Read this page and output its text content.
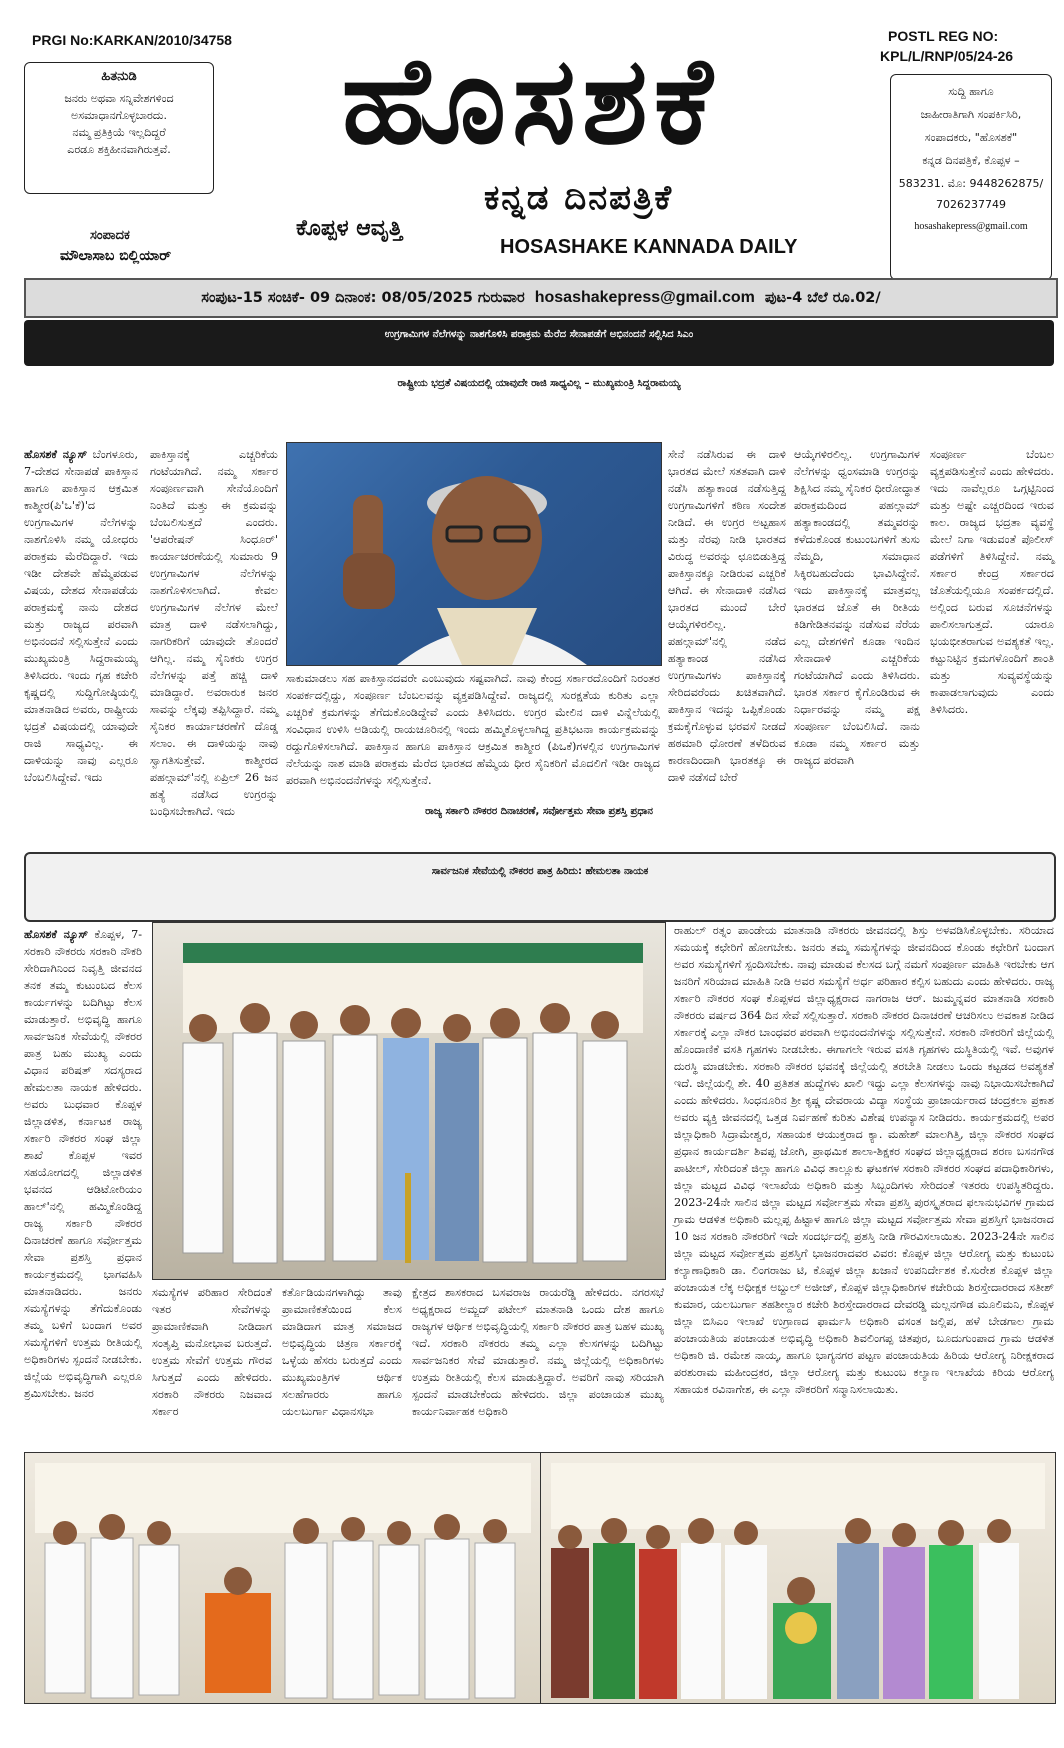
PRGI No:KARKAN/2010/34758
ಹಿತನುಡಿ
ಜನರು ಅಥವಾ ಸನ್ನಿವೇಶಗಳಿಂದ
ಅಸಮಾಧಾನಗೊಳ್ಳಬಾರದು.
ನಮ್ಮ ಪ್ರತಿಕ್ರಿಯೆ ಇಲ್ಲದಿದ್ದರೆ
ಎರಡೂ ಶಕ್ತಿಹೀನವಾಗಿರುತ್ತವೆ.
ಸಂಪಾದಕ
ಮೌಲಾಸಾಬ ಬಿಲ್ಲಿಯಾರ್
ಹೊಸಶಕೆ
ಕೊಪ್ಪಳ ಆವೃತ್ತಿ
ಕನ್ನಡ ದಿನಪತ್ರಿಕೆ
HOSASHAKE KANNADA DAILY
POSTL REG NO:
KPL/L/RNP/05/24-26
ಸುದ್ದಿ ಹಾಗೂ
ಜಾಹೀರಾತಿಗಾಗಿ ಸಂಪರ್ಕಿಸಿರಿ,
ಸಂಪಾದಕರು, "ಹೊಸಶಕೆ"
ಕನ್ನಡ ದಿನಪತ್ರಿಕೆ, ಕೊಪ್ಪಳ –
583231. ಮೊ: 9448262875/
7026237749
hosashakepress@gmail.com
ಸಂಪುಟ-15 ಸಂಚಿಕೆ- 09 ದಿನಾಂಕ: 08/05/2025 ಗುರುವಾರ hosashakepress@gmail.com ಪುಟ-4 ಬೆಲೆ ರೂ.02/
ಉಗ್ರಗಾಮಿಗಳ ನೆಲೆಗಳನ್ನು ನಾಶಗೊಳಿಸಿ ಪರಾಕ್ರಮ ಮೆರೆದ ಸೇನಾಪಡೆಗೆ ಅಭಿನಂದನೆ ಸಲ್ಲಿಸಿದ ಸಿಎಂ
ರಾಷ್ಟ್ರೀಯ ಭದ್ರತೆ ವಿಷಯದಲ್ಲಿ ಯಾವುದೇ ರಾಜಿ ಸಾಧ್ಯವಿಲ್ಲ – ಮುಖ್ಯಮಂತ್ರಿ ಸಿದ್ದರಾಮಯ್ಯ
ಹೊಸಶಕೆ ನ್ಯೂಸ್ ಬೆಂಗಳೂರು, 7-ದೇಶದ ಸೇನಾಪಡೆ ಪಾಕಿಸ್ತಾನ ಹಾಗೂ ಪಾಕಿಸ್ತಾನ ಆಕ್ರಮಿತ ಕಾಶ್ಮೀರ(ಪಿ'ಒ'ಕೆ)'ದ ಉಗ್ರಗಾಮಿಗಳ ನೆಲೆಗಳನ್ನು ನಾಶಗೊಳಿಸಿ ನಮ್ಮ ಯೋಧರು ಪರಾಕ್ರಮ ಮೆರೆದಿದ್ದಾರೆ. ಇದು ಇಡೀ ದೇಶವೇ ಹೆಮ್ಮೆಪಡುವ ವಿಷಯ, ದೇಶದ ಸೇನಾಪಡೆಯ ಪರಾಕ್ರಮಕ್ಕೆ ನಾನು ದೇಶದ ಮತ್ತು ರಾಜ್ಯದ ಪರವಾಗಿ ಅಭಿನಂದನೆ ಸಲ್ಲಿಸುತ್ತೇನೆ ಎಂದು ಮುಖ್ಯಮಂತ್ರಿ ಸಿದ್ದರಾಮಯ್ಯ ತಿಳಿಸಿದರು. ಇಂದು ಗೃಹ ಕಚೇರಿ ಕೃಷ್ಣದಲ್ಲಿ ಸುದ್ದಿಗೋಷ್ಠಿಯಲ್ಲಿ ಮಾತನಾಡಿದ ಅವರು, ರಾಷ್ಟ್ರೀಯ ಭದ್ರತೆ ವಿಷಯದಲ್ಲಿ ಯಾವುದೇ ರಾಜಿ ಸಾಧ್ಯವಿಲ್ಲ. ಈ ದಾಳಿಯನ್ನು ನಾವು ಎಲ್ಲರೂ ಬೆಂಬಲಿಸಿದ್ದೇವೆ. ಇದು
ಪಾಕಿಸ್ತಾನಕ್ಕೆ ಎಚ್ಚರಿಕೆಯ ಗಂಟೆಯಾಗಿದೆ. ನಮ್ಮ ಸರ್ಕಾರ ಸಂಪೂರ್ಣವಾಗಿ ಸೇನೆಯೊಂದಿಗೆ ನಿಂತಿದೆ ಮತ್ತು ಈ ಕ್ರಮವನ್ನು ಬೆಂಬಲಿಸುತ್ತದೆ ಎಂದರು. 'ಆಪರೇಷನ್ ಸಿಂಧೂರ್' ಕಾರ್ಯಾಚರಣೆಯಲ್ಲಿ ಸುಮಾರು 9 ಉಗ್ರಗಾಮಿಗಳ ನೆಲೆಗಳನ್ನು ನಾಶಗೊಳಿಸಲಾಗಿದೆ. ಕೇವಲ ಉಗ್ರಗಾಮಿಗಳ ನೆಲೆಗಳ ಮೇಲೆ ಮಾತ್ರ ದಾಳಿ ನಡೆಸಲಾಗಿದ್ದು, ನಾಗರಿಕರಿಗೆ ಯಾವುದೇ ತೊಂದರೆ ಆಗಿಲ್ಲ. ನಮ್ಮ ಸೈನಿಕರು ಉಗ್ರರ ನೆಲೆಗಳನ್ನು ಪತ್ತೆ ಹಚ್ಚಿ ದಾಳಿ ಮಾಡಿದ್ದಾರೆ. ಅವರಾರುಕ ಜನರ ಸಾವನ್ನು ಲೆಕ್ಕವು ತಪ್ಪಿಸಿದ್ದಾರೆ. ನಮ್ಮ ಸೈನಿಕರ ಕಾರ್ಯಾಚರಣೆಗೆ ದೊಡ್ಡ ಸಲಾಂ. ಈ ದಾಳಿಯನ್ನು ನಾವು ಸ್ವಾಗತಿಸುತ್ತೇವೆ. ಕಾಶ್ಮೀರದ ಪಹಲ್ಗಾಮ್'ನಲ್ಲಿ ಏಪ್ರಿಲ್ 26 ಜನ ಹತ್ಯೆ ನಡೆಸಿದ ಉಗ್ರರನ್ನು ಬಂಧಿಸಬೇಕಾಗಿದೆ. ಇದು
ಸಾಕುಮಾಡಲು ಸಹ ಪಾಕಿಸ್ತಾನದವರೇ ಎಂಬುವುದು ಸಷ್ಟವಾಗಿದೆ. ನಾವು ಕೇಂದ್ರ ಸರ್ಕಾರದೊಂದಿಗೆ ನಿರಂತರ ಸಂಪರ್ಕದಲ್ಲಿದ್ದು, ಸಂಪೂರ್ಣ ಬೆಂಬಲವನ್ನು ವ್ಯಕ್ತಪಡಿಸಿದ್ದೇವೆ. ರಾಜ್ಯದಲ್ಲಿ ಸುರಕ್ಷತೆಯ ಕುರಿತು ಎಲ್ಲಾ ಎಚ್ಚರಿಕೆ ಕ್ರಮಗಳನ್ನು ತೆಗೆದುಕೊಂಡಿದ್ದೇವೆ ಎಂದು ತಿಳಿಸಿದರು. ಉಗ್ರರ ಮೇಲಿನ ದಾಳಿ ವಿನ್ನೆಲೆಯಲ್ಲಿ ಸಂವಿಧಾನ ಉಳಿಸಿ ಅಡಿಯಲ್ಲಿ ರಾಯಚೂರಿನಲ್ಲಿ ಇಂದು ಹಮ್ಮಿಕೊಳ್ಳಲಾಗಿದ್ದ ಪ್ರತಿಭಟನಾ ಕಾರ್ಯಕ್ರಮವನ್ನು ರದ್ದುಗೊಳಿಸಲಾಗಿದೆ. ಪಾಕಿಸ್ತಾನ ಹಾಗೂ ಪಾಕಿಸ್ತಾನ ಆಕ್ರಮಿತ ಕಾಶ್ಮೀರ (ಪಿಒಕೆ)ಗಳಲ್ಲಿನ ಉಗ್ರಗಾಮಿಗಳ ನೆಲೆಯನ್ನು ನಾಶ ಮಾಡಿ ಪರಾಕ್ರಮ ಮೆರೆದ ಭಾರತದ ಹೆಮ್ಮೆಯ ಧೀರ ಸೈನಿಕರಿಗೆ ಮೊದಲಿಗೆ ಇಡೀ ರಾಜ್ಯದ ಪರವಾಗಿ ಅಭಿನಂದನೆಗಳನ್ನು ಸಲ್ಲಿಸುತ್ತೇನೆ.
ಸೇನೆ ನಡೆಸಿರುವ ಈ ದಾಳಿ ಭಾರತದ ಮೇಲೆ ಸತತವಾಗಿ ದಾಳಿ ನಡೆಸಿ ಹತ್ಯಾಕಾಂಡ ನಡೆಸುತ್ತಿದ್ದ ಉಗ್ರಗಾಮಿಗಳಿಗೆ ಕಠಿಣ ಸಂದೇಶ ನೀಡಿದೆ. ಈ ಉಗ್ರರ ಅಟ್ಟಹಾಸ ಮತ್ತು ನೆರವು ನೀಡಿ ಭಾರತದ ವಿರುದ್ಧ ಅವರನ್ನು ಛೂಬಿಡುತ್ತಿದ್ದ ಪಾಕಿಸ್ತಾನಕ್ಕೂ ನೀಡಿರುವ ಎಚ್ಚರಿಕೆ ಆಗಿದೆ. ಈ ಸೇನಾದಾಳಿ ನಡೆಸಿದ ಭಾರತದ ಮುಂದೆ ಬೇರೆ ಆಯ್ಕೆಗಳಿರಲಿಲ್ಲ. ಪಹಲ್ಗಾಮ್'ನಲ್ಲಿ ನಡೆದ ಹತ್ಯಾಕಾಂಡ ನಡೆಸಿದ ಉಗ್ರಗಾಮಿಗಳು ಪಾಕಿಸ್ತಾನಕ್ಕೆ ಸೇರಿದವರೆಂದು ಖಚಿತವಾಗಿದೆ. ಪಾಕಿಸ್ತಾನ ಇದನ್ನು ಒಪ್ಪಿಕೊಂಡು ಕ್ರಮಕೈಗೊಳ್ಳುವ ಭರವಸೆ ನೀಡದೆ ಹಠಮಾರಿ ಧೋರಣೆ ತಳೆದಿರುವ ಕಾರಣದಿಂದಾಗಿ ಭಾರತಕ್ಕೂ ಈ ದಾಳಿ ನಡೆಸದೆ ಬೇರೆ
ಆಯ್ಕೆಗಳಿರಲಿಲ್ಲ. ಉಗ್ರಗಾಮಿಗಳ ನೆಲೆಗಳನ್ನು ಧ್ವಂಸಮಾಡಿ ಉಗ್ರರನ್ನು ಶಿಕ್ಷಿಸಿದ ನಮ್ಮ ಸೈನಿಕರ ಧೀರೋದ್ಧಾತ ಪರಾಕ್ರಮದಿಂದ ಪಹಲ್ಗಾಮ್ ಹತ್ಯಾಕಾಂಡದಲ್ಲಿ ತಮ್ಮವರನ್ನು ಕಳೆದುಕೊಂಡ ಕುಟುಂಬಗಳಿಗೆ ತುಸು ನೆಮ್ಮದಿ, ಸಮಾಧಾನ ಸಿಕ್ಕಿರಬಹುದೆಂದು ಭಾವಿಸಿದ್ದೇನೆ. ಇದು ಪಾಕಿಸ್ತಾನಕ್ಕೆ ಮಾತ್ರವಲ್ಲ ಭಾರತದ ಜೊತೆ ಈ ರೀತಿಯ ಕಿಡಿಗೇಡಿತನವನ್ನು ನಡೆಸುವ ನೆರೆಯ ಎಲ್ಲ ದೇಶಗಳಿಗೆ ಕೂಡಾ ಇಂದಿನ ಸೇನಾದಾಳಿ ಎಚ್ಚರಿಕೆಯ ಗಂಟೆಯಾಗಿದೆ ಎಂದು ತಿಳಿಸಿದರು. ಭಾರತ ಸರ್ಕಾರ ಕೈಗೊಂಡಿರುವ ಈ ನಿರ್ಧಾರವನ್ನು ನಮ್ಮ ಪಕ್ಷ ಸಂಪೂರ್ಣ ಬೆಂಬಲಿಸಿದೆ. ನಾನು ಕೂಡಾ ನಮ್ಮ ಸರ್ಕಾರ ಮತ್ತು ರಾಜ್ಯದ ಪರವಾಗಿ
ಸಂಪೂರ್ಣ ಬೆಂಬಲ ವ್ಯಕ್ತಪಡಿಸುತ್ತೇನೆ ಎಂದು ಹೇಳಿದರು. ಇದು ನಾವೆಲ್ಲರೂ ಒಗ್ಗಟ್ಟಿನಿಂದ ಮತ್ತು ಅಷ್ಟೇ ಎಚ್ಚರದಿಂದ ಇರುವ ಕಾಲ. ರಾಜ್ಯದ ಭದ್ರತಾ ವ್ಯವಸ್ಥೆ ಮೇಲೆ ನಿಗಾ ಇಡುವಂತೆ ಪೊಲೀಸ್ ಪಡೆಗಳಿಗೆ ತಿಳಿಸಿದ್ದೇನೆ. ನಮ್ಮ ಸರ್ಕಾರ ಕೇಂದ್ರ ಸರ್ಕಾರದ ಜೊತೆಯಲ್ಲಿಯೂ ಸಂಪರ್ಕದಲ್ಲಿದೆ. ಅಲ್ಲಿಂದ ಬರುವ ಸೂಚನೆಗಳನ್ನು ಪಾಲಿಸಲಾಗುತ್ತದೆ. ಯಾರೂ ಭಯಭೀತರಾಗುವ ಅವಶ್ಯಕತೆ ಇಲ್ಲ. ಕಟ್ಟುನಿಟ್ಟಿನ ಕ್ರಮಗಳೊಂದಿಗೆ ಶಾಂತಿ ಮತ್ತು ಸುವ್ಯವಸ್ಥೆಯನ್ನು ಕಾಪಾಡಲಾಗುವುದು ಎಂದು ತಿಳಿಸಿದರು.
ರಾಜ್ಯ ಸರ್ಕಾರಿ ನೌಕರರ ದಿನಾಚರಣೆ, ಸರ್ವೋತ್ತಮ ಸೇವಾ ಪ್ರಶಸ್ತಿ ಪ್ರಧಾನ
ಸಾರ್ವಜನಿಕ ಸೇವೆಯಲ್ಲಿ ನೌಕರರ ಪಾತ್ರ ಹಿರಿದು: ಹೇಮಲತಾ ನಾಯಕ
ಹೊಸಶಕೆ ನ್ಯೂಸ್ ಕೊಪ್ಪಳ, 7- ಸರಕಾರಿ ನೌಕರರು ಸರಕಾರಿ ನೌಕರಿ ಸೇರಿದಾಗಿನಿಂದ ನಿವೃತ್ತಿ ಜೀವನದ ತನಕ ತಮ್ಮ ಕುಟುಂಬದ ಕೆಲಸ ಕಾರ್ಯಗಳನ್ನು ಬದಿಗಿಟ್ಟು ಕೆಲಸ ಮಾಡುತ್ತಾರೆ. ಅಭಿವೃದ್ಧಿ ಹಾಗೂ ಸಾರ್ವಜನಿಕ ಸೇವೆಯಲ್ಲಿ ನೌಕರರ ಪಾತ್ರ ಬಹು ಮುಖ್ಯ ಎಂದು ವಿಧಾನ ಪರಿಷತ್ ಸದಸ್ಯರಾದ ಹೇಮಲತಾ ನಾಯಕ ಹೇಳಿದರು. ಅವರು ಬುಧವಾರ ಕೊಪ್ಪಳ ಜಿಲ್ಲಾಡಳಿತ, ಕರ್ನಾಟಕ ರಾಜ್ಯ ಸರ್ಕಾರಿ ನೌಕರರ ಸಂಘ ಜಿಲ್ಲಾ ಶಾಖೆ ಕೊಪ್ಪಳ ಇವರ ಸಹಯೋಗದಲ್ಲಿ ಜಿಲ್ಲಾಡಳಿತ ಭವನದ ಆಡಿಟೋರಿಯಂ ಹಾಲ್'ನಲ್ಲಿ ಹಮ್ಮಿಕೊಂಡಿದ್ದ ರಾಜ್ಯ ಸರ್ಕಾರಿ ನೌಕರರ ದಿನಾಚರಣೆ ಹಾಗೂ ಸರ್ವೋತ್ತಮ ಸೇವಾ ಪ್ರಶಸ್ತಿ ಪ್ರಧಾನ ಕಾರ್ಯಕ್ರಮದಲ್ಲಿ ಭಾಗವಹಿಸಿ ಮಾತನಾಡಿದರು. ಜನರು ಸಮಸ್ಯೆಗಳನ್ನು ತೆಗೆದುಕೊಂಡು ತಮ್ಮ ಬಳಿಗೆ ಬಂದಾಗ ಅವರ ಸಮಸ್ಯೆಗಳಿಗೆ ಉತ್ತಮ ರೀತಿಯಲ್ಲಿ ಅಧಿಕಾರಿಗಳು ಸ್ಪಂದನೆ ನೀಡಬೇಕು. ಜಿಲ್ಲೆಯ ಅಭಿವೃದ್ಧಿಗಾಗಿ ಎಲ್ಲರೂ ಶ್ರಮಿಸಬೇಕು. ಜನರ
ಸಮಸ್ಯೆಗಳ ಪರಿಹಾರ ಸೇರಿದಂತೆ ಇತರ ಸೇವೆಗಳನ್ನು ಪ್ರಾಮಾಣಿಕವಾಗಿ ನೀಡಿದಾಗ ಸಂತೃಪ್ತಿ ಮನೋಭಾವ ಬರುತ್ತದೆ. ಉತ್ತಮ ಸೇವೆಗೆ ಉತ್ತಮ ಗೌರವ ಸಿಗುತ್ತದೆ ಎಂದು ಹೇಳಿದರು. ಸರಕಾರಿ ನೌಕರರು ನಿಜವಾದ ಸರ್ಕಾರ
ಕರ್ತೊಡಿಯನಗಳಾಗಿದ್ದು ತಾವು ಪ್ರಾಮಾಣಿಕತೆಯಿಂದ ಕೆಲಸ ಮಾಡಿದಾಗ ಮಾತ್ರ ಸಮಾಜದ ಅಭಿವೃದ್ಧಿಯ ಚಿತ್ರಣ ಸರ್ಕಾರಕ್ಕೆ ಒಳ್ಳೆಯ ಹೆಸರು ಬರುತ್ತದೆ ಎಂದು ಮುಖ್ಯಮಂತ್ರಿಗಳ ಆರ್ಥಿಕ ಸಲಹೆಗಾರರು ಹಾಗೂ ಯಲಬುರ್ಗಾ ವಿಧಾನಸಭಾ
ಕ್ಷೇತ್ರದ ಶಾಸಕರಾದ ಬಸವರಾಜ ರಾಯರೆಡ್ಡಿ ಹೇಳಿದರು. ನಗರಸಭೆ ಅಧ್ಯಕ್ಷರಾದ ಅಮ್ಜದ್ ಪಟೇಲ್ ಮಾತನಾಡಿ ಒಂದು ದೇಶ ಹಾಗೂ ರಾಜ್ಯಗಳ ಆರ್ಥಿಕ ಅಭಿವೃದ್ಧಿಯಲ್ಲಿ ಸರ್ಕಾರಿ ನೌಕರರ ಪಾತ್ರ ಬಹಳ ಮುಖ್ಯ ಇದೆ. ಸರಕಾರಿ ನೌಕರರು ತಮ್ಮ ಎಲ್ಲಾ ಕೆಲಸಗಳನ್ನು ಬದಿಗಿಟ್ಟು ಸಾರ್ವಜನಿಕರ ಸೇವೆ ಮಾಡುತ್ತಾರೆ. ನಮ್ಮ ಜಿಲ್ಲೆಯಲ್ಲಿ ಅಧಿಕಾರಿಗಳು ಉತ್ತಮ ರೀತಿಯಲ್ಲಿ ಕೆಲಸ ಮಾಡುತ್ತಿದ್ದಾರೆ. ಅವರಿಗೆ ನಾವು ಸರಿಯಾಗಿ ಸ್ಪಂದನೆ ಮಾಡಬೇಕೆಂದು ಹೇಳಿದರು. ಜಿಲ್ಲಾ ಪಂಚಾಯತ ಮುಖ್ಯ ಕಾರ್ಯನಿರ್ವಾಹಕ ಅಧಿಕಾರಿ
ರಾಹುಲ್ ರತ್ನಂ ಪಾಂಡೇಯ ಮಾತನಾಡಿ ನೌಕರರು ಜೀವನದಲ್ಲಿ ಶಿಸ್ತು ಅಳವಡಿಸಿಕೊಳ್ಳಬೇಕು. ಸರಿಯಾದ ಸಮಯಕ್ಕೆ ಕಛೇರಿಗೆ ಹೋಗಬೇಕು. ಜನರು ತಮ್ಮ ಸಮಸ್ಯೆಗಳನ್ನು ಜೀವನದಿಂದ ಕೊಂಡು ಕಛೇರಿಗೆ ಬಂದಾಗ ಅವರ ಸಮಸ್ಯೆಗಳಿಗೆ ಸ್ಪಂದಿಸಬೇಕು. ನಾವು ಮಾಡುವ ಕೆಲಸದ ಬಗ್ಗೆ ನಮಗೆ ಸಂಪೂರ್ಣ ಮಾಹಿತಿ ಇರಬೇಕು ಆಗ ಜನರಿಗೆ ಸರಿಯಾದ ಮಾಹಿತಿ ನೀಡಿ ಅವರ ಸಮಸ್ಯೆಗೆ ಅರ್ಧ ಪರಿಹಾರ ಕಲ್ಪಿಸ ಬಹುದು ಎಂದು ಹೇಳಿದರು. ರಾಜ್ಯ ಸರ್ಕಾರಿ ನೌಕರರ ಸಂಘ ಕೊಪ್ಪಳದ ಜಿಲ್ಲಾಧ್ಯಕ್ಷರಾದ ನಾಗರಾಜ ಆರ್. ಜುಮ್ಮನ್ನವರ ಮಾತನಾಡಿ ಸರಕಾರಿ ನೌಕರರು ವರ್ಷದ 364 ದಿನ ಸೇವೆ ಸಲ್ಲಿಸುತ್ತಾರೆ. ಸರಕಾರಿ ನೌಕರರ ದಿನಾಚರಣೆ ಆಚರಿಸಲು ಅವಕಾಶ ನೀಡಿದ ಸರ್ಕಾರಕ್ಕೆ ಎಲ್ಲಾ ನೌಕರ ಬಾಂಧವರ ಪರವಾಗಿ ಅಭಿನಂದನೆಗಳನ್ನು ಸಲ್ಲಿಸುತ್ತೇನೆ. ಸರಕಾರಿ ನೌಕರರಿಗೆ ಜಿಲ್ಲೆಯಲ್ಲಿ ಹೊಂದಾಣಿಕೆ ವಸತಿ ಗೃಹಗಳು ನೀಡಬೇಕು. ಈಗಾಗಲೇ ಇರುವ ವಸತಿ ಗೃಹಗಳು ದುಸ್ಥಿತಿಯಲ್ಲಿ ಇವೆ. ಅವುಗಳ ದುರಸ್ಥಿ ಮಾಡಬೇಕು. ಸರಕಾರಿ ನೌಕರರ ಭವನಕ್ಕೆ ಜಿಲ್ಲೆಯಲ್ಲಿ ತರಬೇತಿ ನೀಡಲು ಒಂದು ಕಟ್ಟಡದ ಅವಶ್ಯಕತೆ ಇದೆ. ಜಿಲ್ಲೆಯಲ್ಲಿ ಶೇ. 40 ಪ್ರತಿಶತ ಹುದ್ದೆಗಳು ಖಾಲಿ ಇದ್ದು ಎಲ್ಲಾ ಕೆಲಸಗಳನ್ನು ನಾವು ನಿಭಾಯಿಸಬೇಕಾಗಿದೆ ಎಂದು ಹೇಳಿದರು. ಸಿಂಧನೂರಿನ ಶ್ರೀ ಕೃಷ್ಣ ದೇವರಾಯ ವಿದ್ಯಾ ಸಂಸ್ಥೆಯ ಪ್ರಾಚಾರ್ಯರಾದ ಚಂದ್ರಕಲಾ ಪ್ರಕಾಶ ಅವರು ವ್ಯಕ್ತಿ ಜೀವನದಲ್ಲಿ ಒತ್ತಡ ನಿರ್ವಹಣೆ ಕುರಿತು ವಿಶೇಷ ಉಪನ್ಯಾಸ ನೀಡಿದರು. ಕಾರ್ಯಕ್ರಮದಲ್ಲಿ ಅಪರ ಜಿಲ್ಲಾಧಿಕಾರಿ ಸಿದ್ರಾಮೇಶ್ವರ, ಸಹಾಯಕ ಆಯುಕ್ತರಾದ ಕ್ಯಾ. ಮಹೇಶ್ ಮಾಲಗಿತ್ತಿ, ಜಿಲ್ಲಾ ನೌಕರರ ಸಂಘದ ಪ್ರಧಾನ ಕಾರ್ಯದರ್ಶಿ ಶಿವಪ್ಪ ಜೋಗಿ, ಪ್ರಾಥಮಿಕ ಶಾಲಾ-ಶಿಕ್ಷಕರ ಸಂಘದ ಜಿಲ್ಲಾಧ್ಯಕ್ಷರಾದ ಶರಣ ಬಸನಗೌಡ ಪಾಟೀಲ್, ಸೇರಿದಂತೆ ಜಿಲ್ಲಾ ಹಾಗೂ ವಿವಿಧ ತಾಲ್ಲೂಕು ಘಟಕಗಳ ಸರಕಾರಿ ನೌಕರರ ಸಂಘದ ಪದಾಧಿಕಾರಿಗಳು, ಜಿಲ್ಲಾ ಮಟ್ಟದ ವಿವಿಧ ಇಲಾಖೆಯ ಅಧಿಕಾರಿ ಮತ್ತು ಸಿಬ್ಬಂದಿಗಳು ಸೇರಿದಂತೆ ಇತರರು ಉಪಸ್ಥಿತರಿದ್ದರು. 2023-24ನೇ ಸಾಲಿನ ಜಿಲ್ಲಾ ಮಟ್ಟದ ಸರ್ವೋತ್ತಮ ಸೇವಾ ಪ್ರಶಸ್ತಿ ಪುರಸ್ಕೃತರಾದ ಫಲಾನುಭವಿಗಳ ಗ್ರಾಮದ ಗ್ರಾಮ ಆಡಳಿತ ಅಧಿಕಾರಿ ಮಲ್ಲಪ್ಪ ಹಿಟ್ಟಾಳ ಹಾಗೂ ಜಿಲ್ಲಾ ಮಟ್ಟದ ಸರ್ವೋತ್ತಮ ಸೇವಾ ಪ್ರಶಸ್ತಿಗೆ ಭಾಜನರಾದ 10 ಜನ ಸರಕಾರಿ ನೌಕರರಿಗೆ ಇದೇ ಸಂದರ್ಭದಲ್ಲಿ ಪ್ರಶಸ್ತಿ ನೀಡಿ ಗೌರವಿಸಲಾಯಿತು. 2023-24ನೇ ಸಾಲಿನ ಜಿಲ್ಲಾ ಮಟ್ಟದ ಸರ್ವೋತ್ತಮ ಪ್ರಶಸ್ತಿಗೆ ಭಾಜನರಾದವರ ವಿವರ: ಕೊಪ್ಪಳ ಜಿಲ್ಲಾ ಆರೋಗ್ಯ ಮತ್ತು ಕುಟುಂಬ ಕಲ್ಯಾಣಾಧಿಕಾರಿ ಡಾ. ಲಿಂಗರಾಜು ಟಿ, ಕೊಪ್ಪಳ ಜಿಲ್ಲಾ ಖಜಾನೆ ಉಪನಿರ್ದೇಶಕ ಕೆ.ಸುರೇಶ ಕೊಪ್ಪಳ ಜಿಲ್ಲಾ ಪಂಚಾಯತ ಲೆಕ್ಕ ಅಧೀಕ್ಷಕ ಅಬ್ದುಲ್ ಅಜೀಜ್, ಕೊಪ್ಪಳ ಜಿಲ್ಲಾಧಿಕಾರಿಗಳ ಕಚೇರಿಯ ಶಿರಸ್ತೇದಾರರಾದ ಸತೀಶ್ ಕುಮಾರ, ಯಲಬುರ್ಗಾ ತಹಶೀಲ್ದಾರ ಕಚೇರಿ ಶಿರಸ್ತೇದಾರರಾದ ದೇವರಡ್ಡಿ ಮಲ್ಲನಗೌಡ ಮೂಲಿಮನಿ, ಕೊಪ್ಪಳ ಜಿಲ್ಲಾ ಬಿಸಿಎಂ ಇಲಾಖೆ ಉಗ್ರಾಣದ ಫಾರ್ಮಸಿ ಅಧಿಕಾರಿ ವಸಂತ ಜಲ್ಲಿಪ, ಹಳೆ ಬೇಡಗಾಲ ಗ್ರಾಮ ಪಂಚಾಯತಿಯ ಪಂಚಾಯತ ಅಭಿವೃದ್ಧಿ ಅಧಿಕಾರಿ ಶಿವಲಿಂಗಪ್ಪ ಚಿತಪುರ, ಬೂದುಗುಂಪಾದ ಗ್ರಾಮ ಆಡಳಿತ ಅಧಿಕಾರಿ ಜಿ. ರಮೇಶ ನಾಯ್ಕ, ಹಾಗೂ ಭಾಗ್ಯನಗರ ಪಟ್ಟಣ ಪಂಚಾಯತಿಯ ಹಿರಿಯ ಆರೋಗ್ಯ ನಿರೀಕ್ಷಕರಾದ ಪರಶುರಾಮ ಮಹೀಂದ್ರಕರ, ಜಿಲ್ಲಾ ಆರೋಗ್ಯ ಮತ್ತು ಕುಟುಂಬ ಕಲ್ಯಾಣ ಇಲಾಖೆಯ ಕಿರಿಯ ಆರೋಗ್ಯ ಸಹಾಯಕ ರವಿನಾಗೇಶ, ಈ ಎಲ್ಲಾ ನೌಕರರಿಗೆ ಸನ್ಮಾನಿಸಲಾಯಿತು.
